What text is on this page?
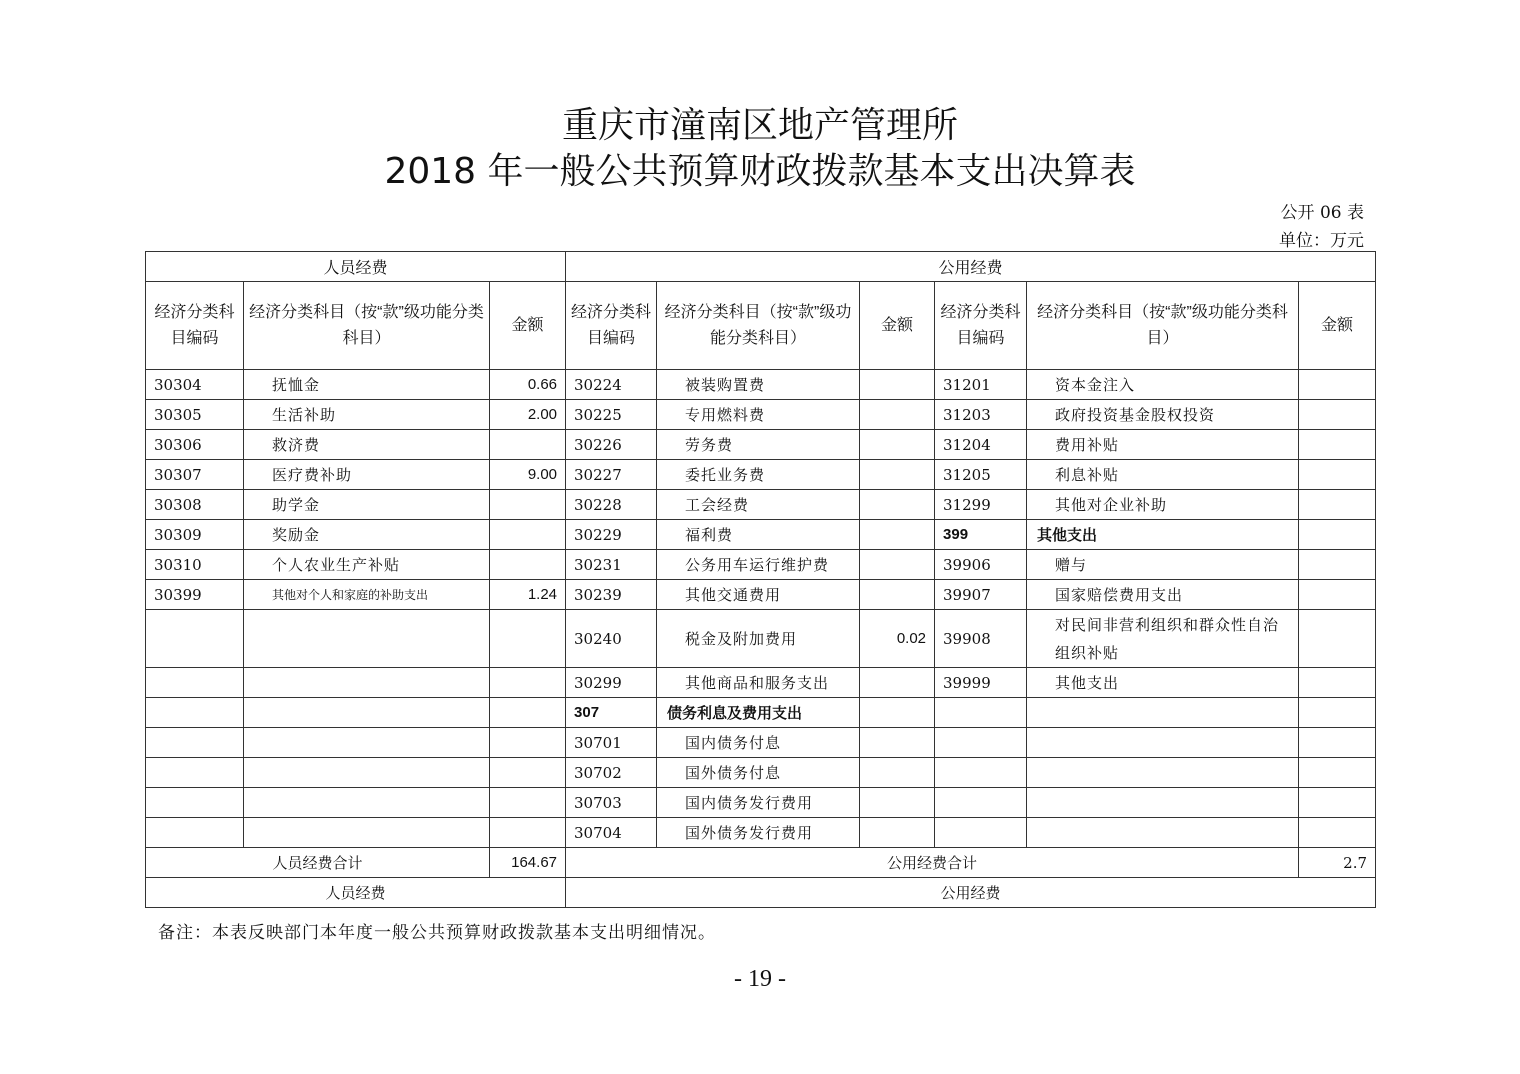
重庆市潼南区地产管理所
2018 年一般公共预算财政拨款基本支出决算表
公开 06 表
单位：万元
人员经费			公用经费					
经济分类科目编码	经济分类科目（按“款”级功能分类科目）	金额	经济分类科目编码	经济分类科目（按“款”级功能分类科目）	金额	经济分类科目编码	经济分类科目（按“款”级功能分类科目）	金额
30304	抚恤金	0.66	30224	被装购置费		31201	资本金注入	
30305	生活补助	2.00	30225	专用燃料费		31203	政府投资基金股权投资	
30306	救济费		30226	劳务费		31204	费用补贴	
30307	医疗费补助	9.00	30227	委托业务费		31205	利息补贴	
30308	助学金		30228	工会经费		31299	其他对企业补助	
30309	奖励金		30229	福利费		399	其他支出	
30310	个人农业生产补贴		30231	公务用车运行维护费		39906	赠与	
30399	其他对个人和家庭的补助支出	1.24	30239	其他交通费用		39907	国家赔偿费用支出	
			30240	税金及附加费用	0.02	39908	对民间非营利组织和群众性自治组织补贴	
			30299	其他商品和服务支出		39999	其他支出	
			307	债务利息及费用支出				
			30701	国内债务付息				
			30702	国外债务付息				
			30703	国内债务发行费用				
			30704	国外债务发行费用				
人员经费合计		164.67	公用经费合计					2.7
人员经费			公用经费					
备注：本表反映部门本年度一般公共预算财政拨款基本支出明细情况。
- 19 -
